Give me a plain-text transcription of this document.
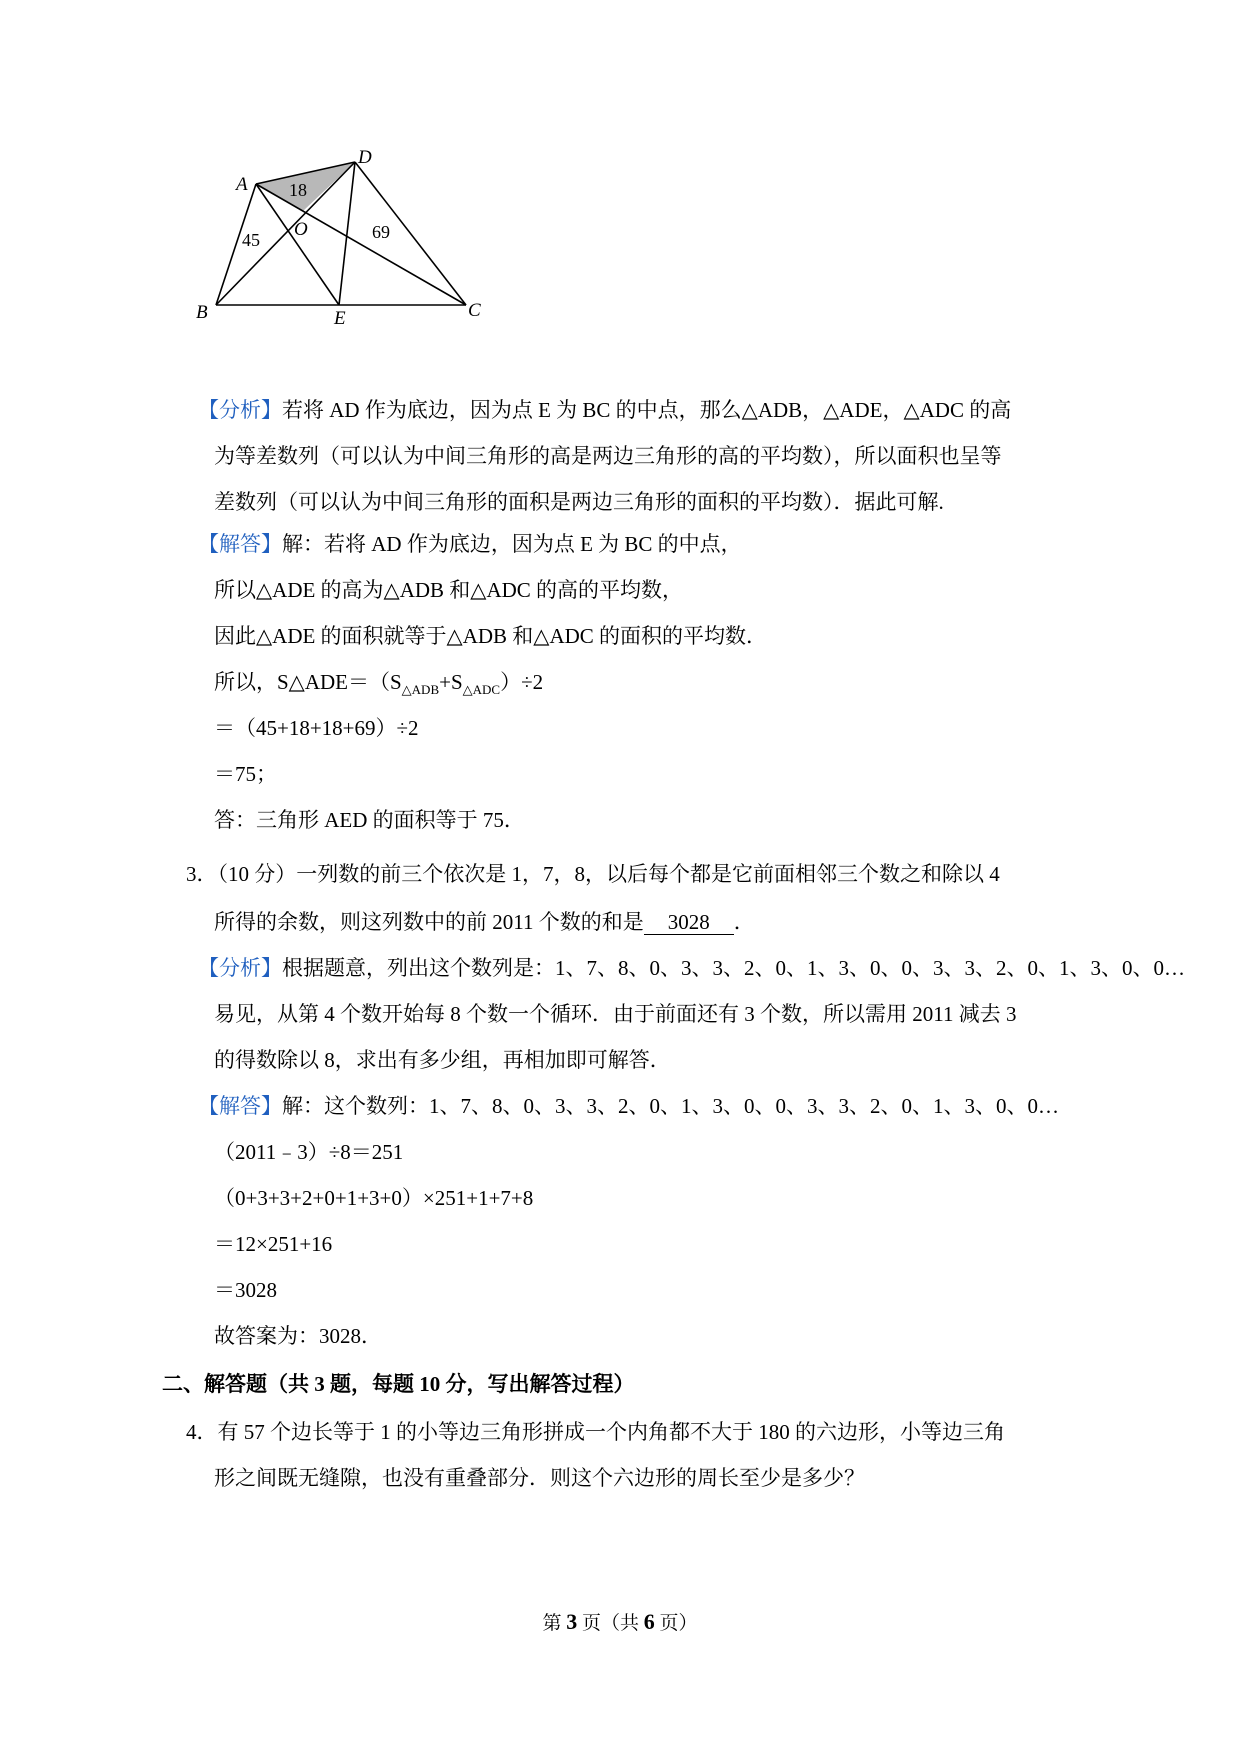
A
D
B	E	C
O
18
45	69
【分析】若将 AD 作为底边，因为点 E 为 BC 的中点，那么△ADB，△ADE，△ADC 的高
为等差数列（可以认为中间三角形的高是两边三角形的高的平均数），所以面积也呈等
差数列（可以认为中间三角形的面积是两边三角形的面积的平均数）．据此可解.
【解答】解：若将 AD 作为底边，因为点 E 为 BC 的中点，
所以△ADE 的高为△ADB 和△ADC 的高的平均数，
因此△ADE 的面积就等于△ADB 和△ADC 的面积的平均数．
所以，$S\triangle ADE=(S_{\triangle ADB}+S_{\triangle ADC})\div 2$
＝（45+18+18+69）÷2
＝75；
答：三角形 AED 的面积等于 75．
3．（10 分）一列数的前三个依次是 1，7，8，以后每个都是它前面相邻三个数之和除以 4
所得的余数，则这列数中的前 2011 个数的和是 3028 ．
【分析】根据题意，列出这个数列是：1、7、8、0、3、3、2、0、1、3、0、0、3、3、2、0、1、3、0、0…
易见，从第 4 个数开始每 8 个数一个循环．由于前面还有 3 个数，所以需用 2011 减去 3
的得数除以 8，求出有多少组，再相加即可解答．
【解答】解：这个数列：1、7、8、0、3、3、2、0、1、3、0、0、3、3、2、0、1、3、0、0…
（2011﹣3）÷8＝251
（0+3+3+2+0+1+3+0）×251+1+7+8
＝12×251+16
＝3028
故答案为：3028．
二、解答题（共 3 题，每题 10 分，写出解答过程）
4．有 57 个边长等于 1 的小等边三角形拼成一个内角都不大于 180 的六边形，小等边三角
形之间既无缝隙，也没有重叠部分．则这个六边形的周长至少是多少？
第 3 页（共 6 页）
